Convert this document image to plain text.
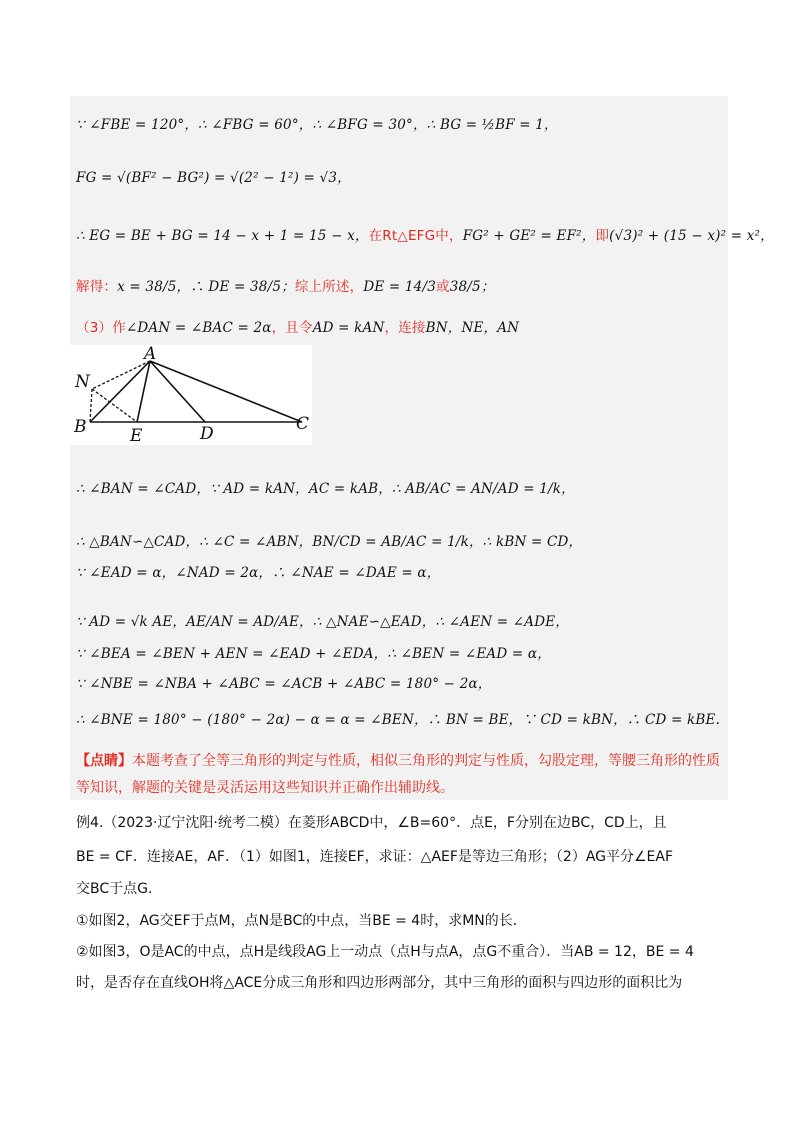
∵ ∠FBE = 120°，∴ ∠FBG = 60°，∴ ∠BFG = 30°，∴ BG = ½BF = 1，
FG = √(BF² − BG²) = √(2² − 1²) = √3，
∴ EG = BE + BG = 14 − x + 1 = 15 − x，在Rt△EFG中，FG² + GE² = EF²，即(√3)² + (15 − x)² = x²，
解得：x = 38/5，∴ DE = 38/5；综上所述，DE = 14/3或38/5；
（3）作∠DAN = ∠BAC = 2α，且令AD = kAN，连接BN，NE，AN
A
N
B	E	D	C
∴ ∠BAN = ∠CAD，∵ AD = kAN，AC = kAB，∴ AB/AC = AN/AD = 1/k，
∴ △BAN∽△CAD，∴ ∠C = ∠ABN，BN/CD = AB/AC = 1/k，∴ kBN = CD，
∵ ∠EAD = α，∠NAD = 2α，∴ ∠NAE = ∠DAE = α，
∵ AD = √k AE，AE/AN = AD/AE，∴ △NAE∽△EAD，∴ ∠AEN = ∠ADE，
∵ ∠BEA = ∠BEN + AEN = ∠EAD + ∠EDA，∴ ∠BEN = ∠EAD = α，
∵ ∠NBE = ∠NBA + ∠ABC = ∠ACB + ∠ABC = 180° − 2α，
∴ ∠BNE = 180° − (180° − 2α) − α = α = ∠BEN，∴ BN = BE，∵ CD = kBN，∴ CD = kBE.
【点睛】本题考查了全等三角形的判定与性质，相似三角形的判定与性质，勾股定理，等腰三角形的性质等知识，解题的关键是灵活运用这些知识并正确作出辅助线。
例4.（2023·辽宁沈阳·统考二模）在菱形ABCD中，∠B=60°．点E，F分别在边BC，CD上，且
BE = CF．连接AE，AF．（1）如图1，连接EF，求证：△AEF是等边三角形；（2）AG平分∠EAF
交BC于点G．
①如图2，AG交EF于点M，点N是BC的中点，当BE = 4时，求MN的长．
②如图3，O是AC的中点，点H是线段AG上一动点（点H与点A，点G不重合）．当AB = 12，BE = 4
时，是否存在直线OH将△ACE分成三角形和四边形两部分，其中三角形的面积与四边形的面积比为
